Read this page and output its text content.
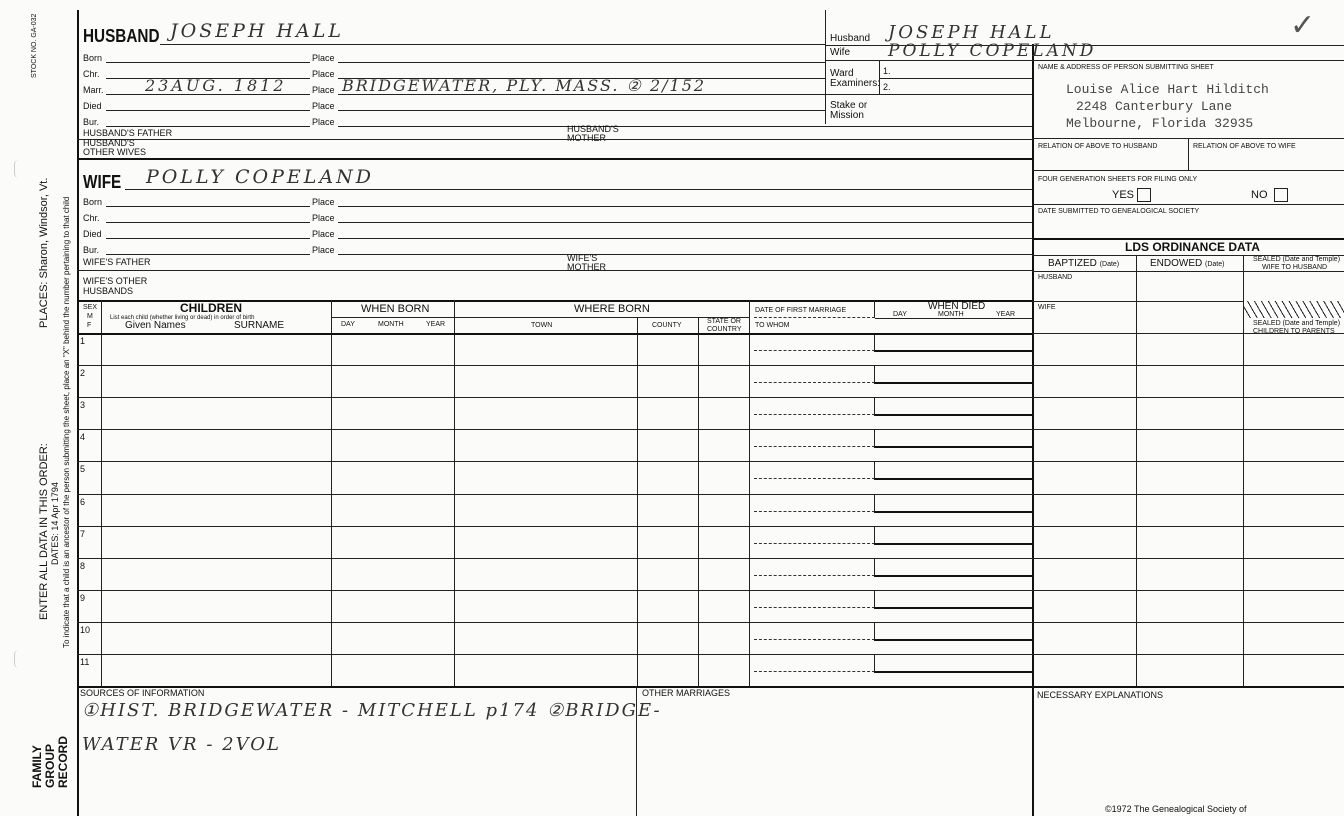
STOCK NO. GA-032
PLACES: Sharon, Windsor, Vt. To indicate that a child is an ancestor of the person submitting the sheet, place an "X" behind the number pertaining to that child
ENTER ALL DATA IN THIS ORDER: DATES: 14 Apr 1794
FAMILY GROUP RECORD
HUSBAND JOSEPH HALL
Born	Place
Chr.	Place
Marr.	23AUG. 1812	Place BRIDGEWATER, PLY. MASS. ② 2/152
Died	Place
Bur.	Place
HUSBAND'S FATHER	HUSBAND'S
MOTHER
HUSBAND'S
OTHER WIVES
WIFE POLLY COPELAND
Born	Place
Chr.	Place
Died	Place
Bur.	Place
WIFE'S FATHER	WIFE'S
MOTHER
WIFE'S OTHER
HUSBANDS
Husband JOSEPH HALL
Wife POLLY COPELAND
✓
Ward
Examiners:
1.
2.
Stake or
Mission
NAME & ADDRESS OF PERSON SUBMITTING SHEET
Louise Alice Hart Hilditch
2248 Canterbury Lane
Melbourne, Florida 32935
RELATION OF ABOVE TO HUSBAND	RELATION OF ABOVE TO WIFE
FOUR GENERATION SHEETS FOR FILING ONLY
YES	NO
DATE SUBMITTED TO GENEALOGICAL SOCIETY
LDS ORDINANCE DATA
BAPTIZED (Date)	ENDOWED (Date)
SEALED (Date and Temple)
WIFE TO HUSBAND
HUSBAND
WIFE
SEALED (Date and Temple)
CHILDREN TO PARENTS
SEX
M
F
CHILDREN
List each child (whether living or dead) in order of birth
Given Names	SURNAME
WHEN BORN
DAY	MONTH	YEAR
WHERE BORN
TOWN	COUNTY
STATE OR
COUNTRY
DATE OF FIRST MARRIAGE
TO WHOM
WHEN DIED
DAY	MONTH	YEAR
1
2
3
4
5
6
7
8
9
10
11
SOURCES OF INFORMATION
①HIST. BRIDGEWATER - MITCHELL p174 ②BRIDGE-
WATER VR - 2VOL
OTHER MARRIAGES	NECESSARY EXPLANATIONS
©1972 The Genealogical Society of
